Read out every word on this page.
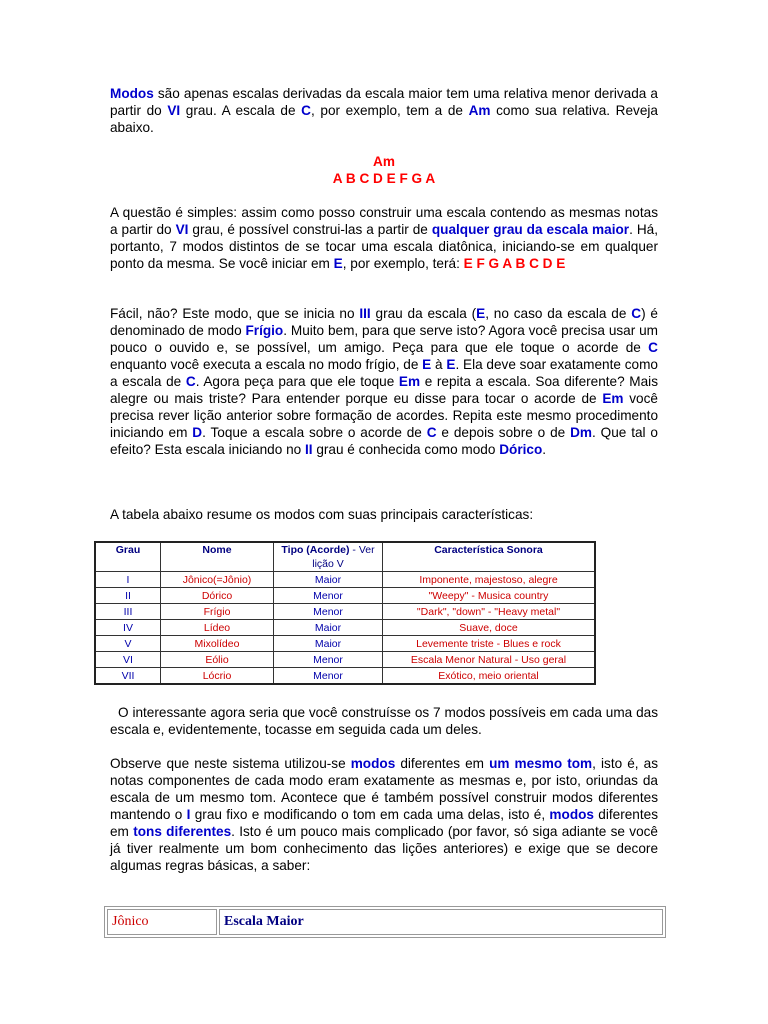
Modos são apenas escalas derivadas da escala maior tem uma relativa menor derivada a partir do VI grau. A escala de C, por exemplo, tem a de Am como sua relativa. Reveja abaixo.

Am

A B C D E F G A

A questão é simples: assim como posso construir uma escala contendo as mesmas notas a partir do VI grau, é possível construi-las a partir de qualquer grau da escala maior. Há, portanto, 7 modos distintos de se tocar uma escala diatônica, iniciando-se em qualquer ponto da mesma. Se você iniciar em E, por exemplo, terá: E F G A B C D E

Fácil, não? Este modo, que se inicia no III grau da escala (E, no caso da escala de C) é denominado de modo Frígio. Muito bem, para que serve isto? Agora você precisa usar um pouco o ouvido e, se possível, um amigo. Peça para que ele toque o acorde de C enquanto você executa a escala no modo frígio, de E à E. Ela deve soar exatamente como a escala de C. Agora peça para que ele toque Em e repita a escala. Soa diferente? Mais alegre ou mais triste? Para entender porque eu disse para tocar o acorde de Em você precisa rever lição anterior sobre formação de acordes. Repita este mesmo procedimento iniciando em D. Toque a escala sobre o acorde de C e depois sobre o de Dm. Que tal o efeito? Esta escala iniciando no II grau é conhecida como modo Dórico.

A tabela abaixo resume os modos com suas principais características:

Grau	Nome	Tipo (Acorde) - Ver lição V	Característica Sonora
I	Jônico(=Jônio)	Maior	Imponente, majestoso, alegre
II	Dórico	Menor	"Weepy" - Musica country
III	Frígio	Menor	"Dark", "down" - "Heavy metal"
IV	Lídeo	Maior	Suave, doce
V	Mixolídeo	Maior	Levemente triste - Blues e rock
VI	Eólio	Menor	Escala Menor Natural - Uso geral
VII	Lócrio	Menor	Exótico, meio oriental

O interessante agora seria que você construísse os 7 modos possíveis em cada uma das escala e, evidentemente, tocasse em seguida cada um deles.

Observe que neste sistema utilizou-se modos diferentes em um mesmo tom, isto é, as notas componentes de cada modo eram exatamente as mesmas e, por isto, oriundas da escala de um mesmo tom. Acontece que é também possível construir modos diferentes mantendo o I grau fixo e modificando o tom em cada uma delas, isto é, modos diferentes em tons diferentes. Isto é um pouco mais complicado (por favor, só siga adiante se você já tiver realmente um bom conhecimento das lições anteriores) e exige que se decore algumas regras básicas, a saber:

Jônico	Escala Maior
